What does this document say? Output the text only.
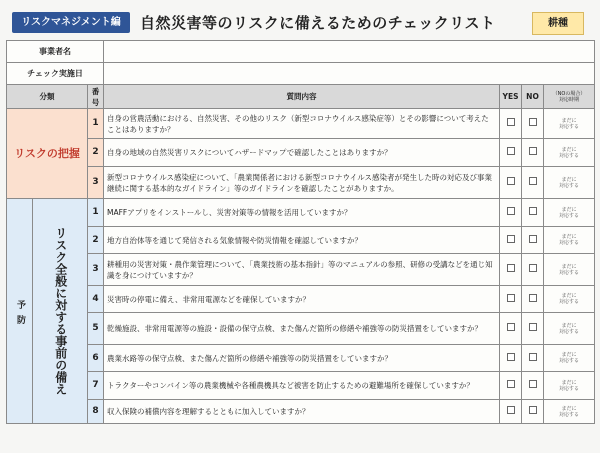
リスクマネジメント編	自然災害等のリスクに備えるためのチェックリスト	耕種
事業者名						
チェック実施日						
分類		番号	質問内容	YES	NO	（NOの場合）
対応時期
リスクの把握		1	自身の営農活動における、自然災害、その他のリスク（新型コロナウイルス感染症等）とその影響について考えたことはありますか？			まだに
対応する
		2	自身の地域の自然災害リスクについてハザードマップで確認したことはありますか？			まだに
対応する
		3	新型コロナウイルス感染症について、「農業関係者における新型コロナウイルス感染者が発生した時の対応及び事業継続に関する基本的なガイドライン」等のガイドラインを確認したことがありますか。			まだに
対応する

予防	リスク全般に対する事前の備え	1	MAFFアプリをインストールし、災害対策等の情報を活用していますか？			まだに
対応する
		2	地方自治体等を通じて発信される気象情報や防災情報を確認していますか？			まだに
対応する
		3	耕種用の災害対策・農作業管理について、「農業技術の基本指針」等のマニュアルの参照、研修の受講などを通じ知識を身につけていますか？			まだに
対応する
		4	災害時の停電に備え、非常用電源などを確保していますか？			まだに
対応する
		5	乾燥施設、非常用電源等の施設・設備の保守点検、また傷んだ箇所の修繕や補強等の防災措置をしていますか？			まだに
対応する
		6	農業水路等の保守点検、また傷んだ箇所の修繕や補強等の防災措置をしていますか？			まだに
対応する
		7	トラクターやコンバイン等の農業機械や各種農機具など被害を防止するための避難場所を確保していますか？			まだに
対応する
		8	収入保険の補償内容を理解するとともに加入していますか？			まだに
対応する
